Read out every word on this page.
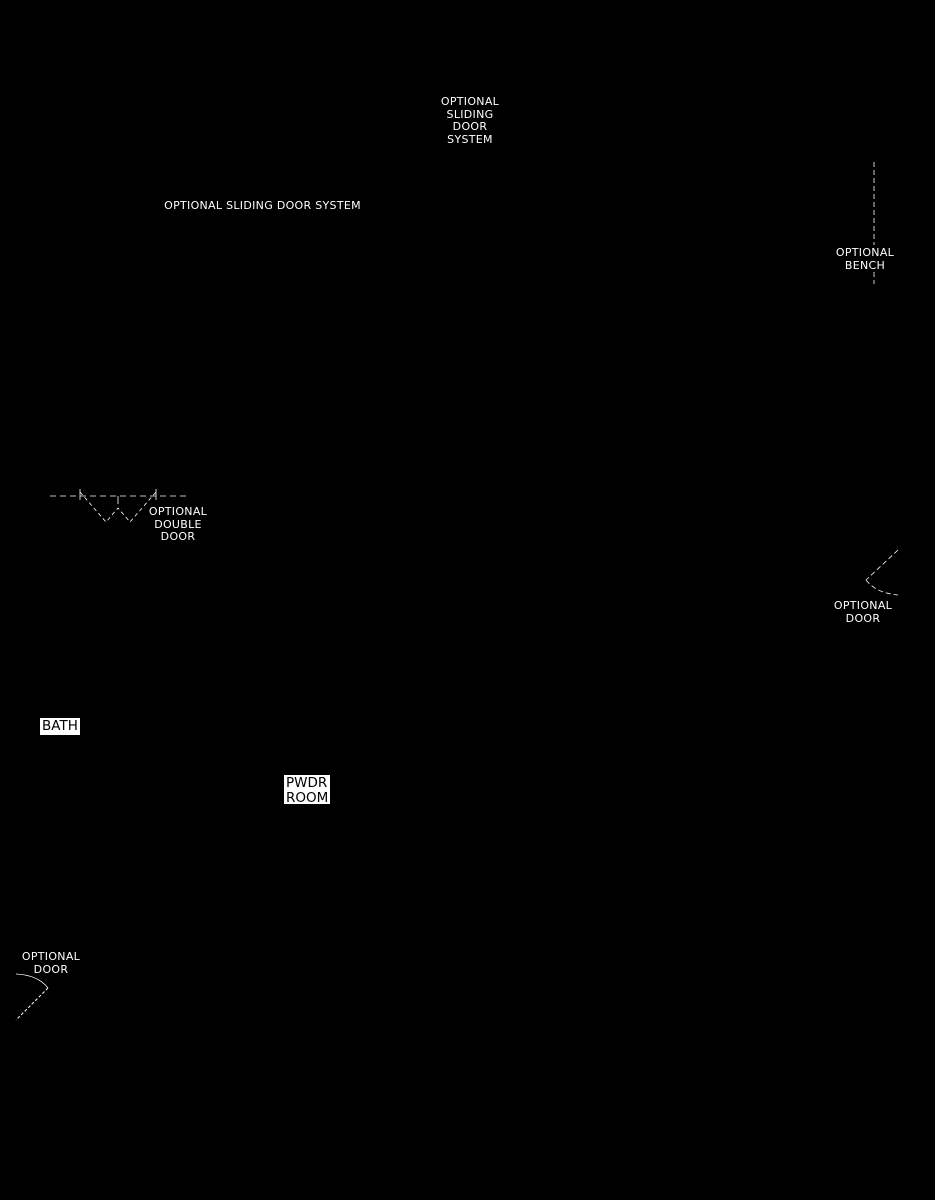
OPTIONAL
SLIDING
DOOR
SYSTEM
OPTIONAL SLIDING DOOR SYSTEM
OPTIONAL
BENCH
OPTIONAL
DOUBLE
DOOR
OPTIONAL
DOOR
OPTIONAL
DOOR
BATH
PWDR
ROOM
